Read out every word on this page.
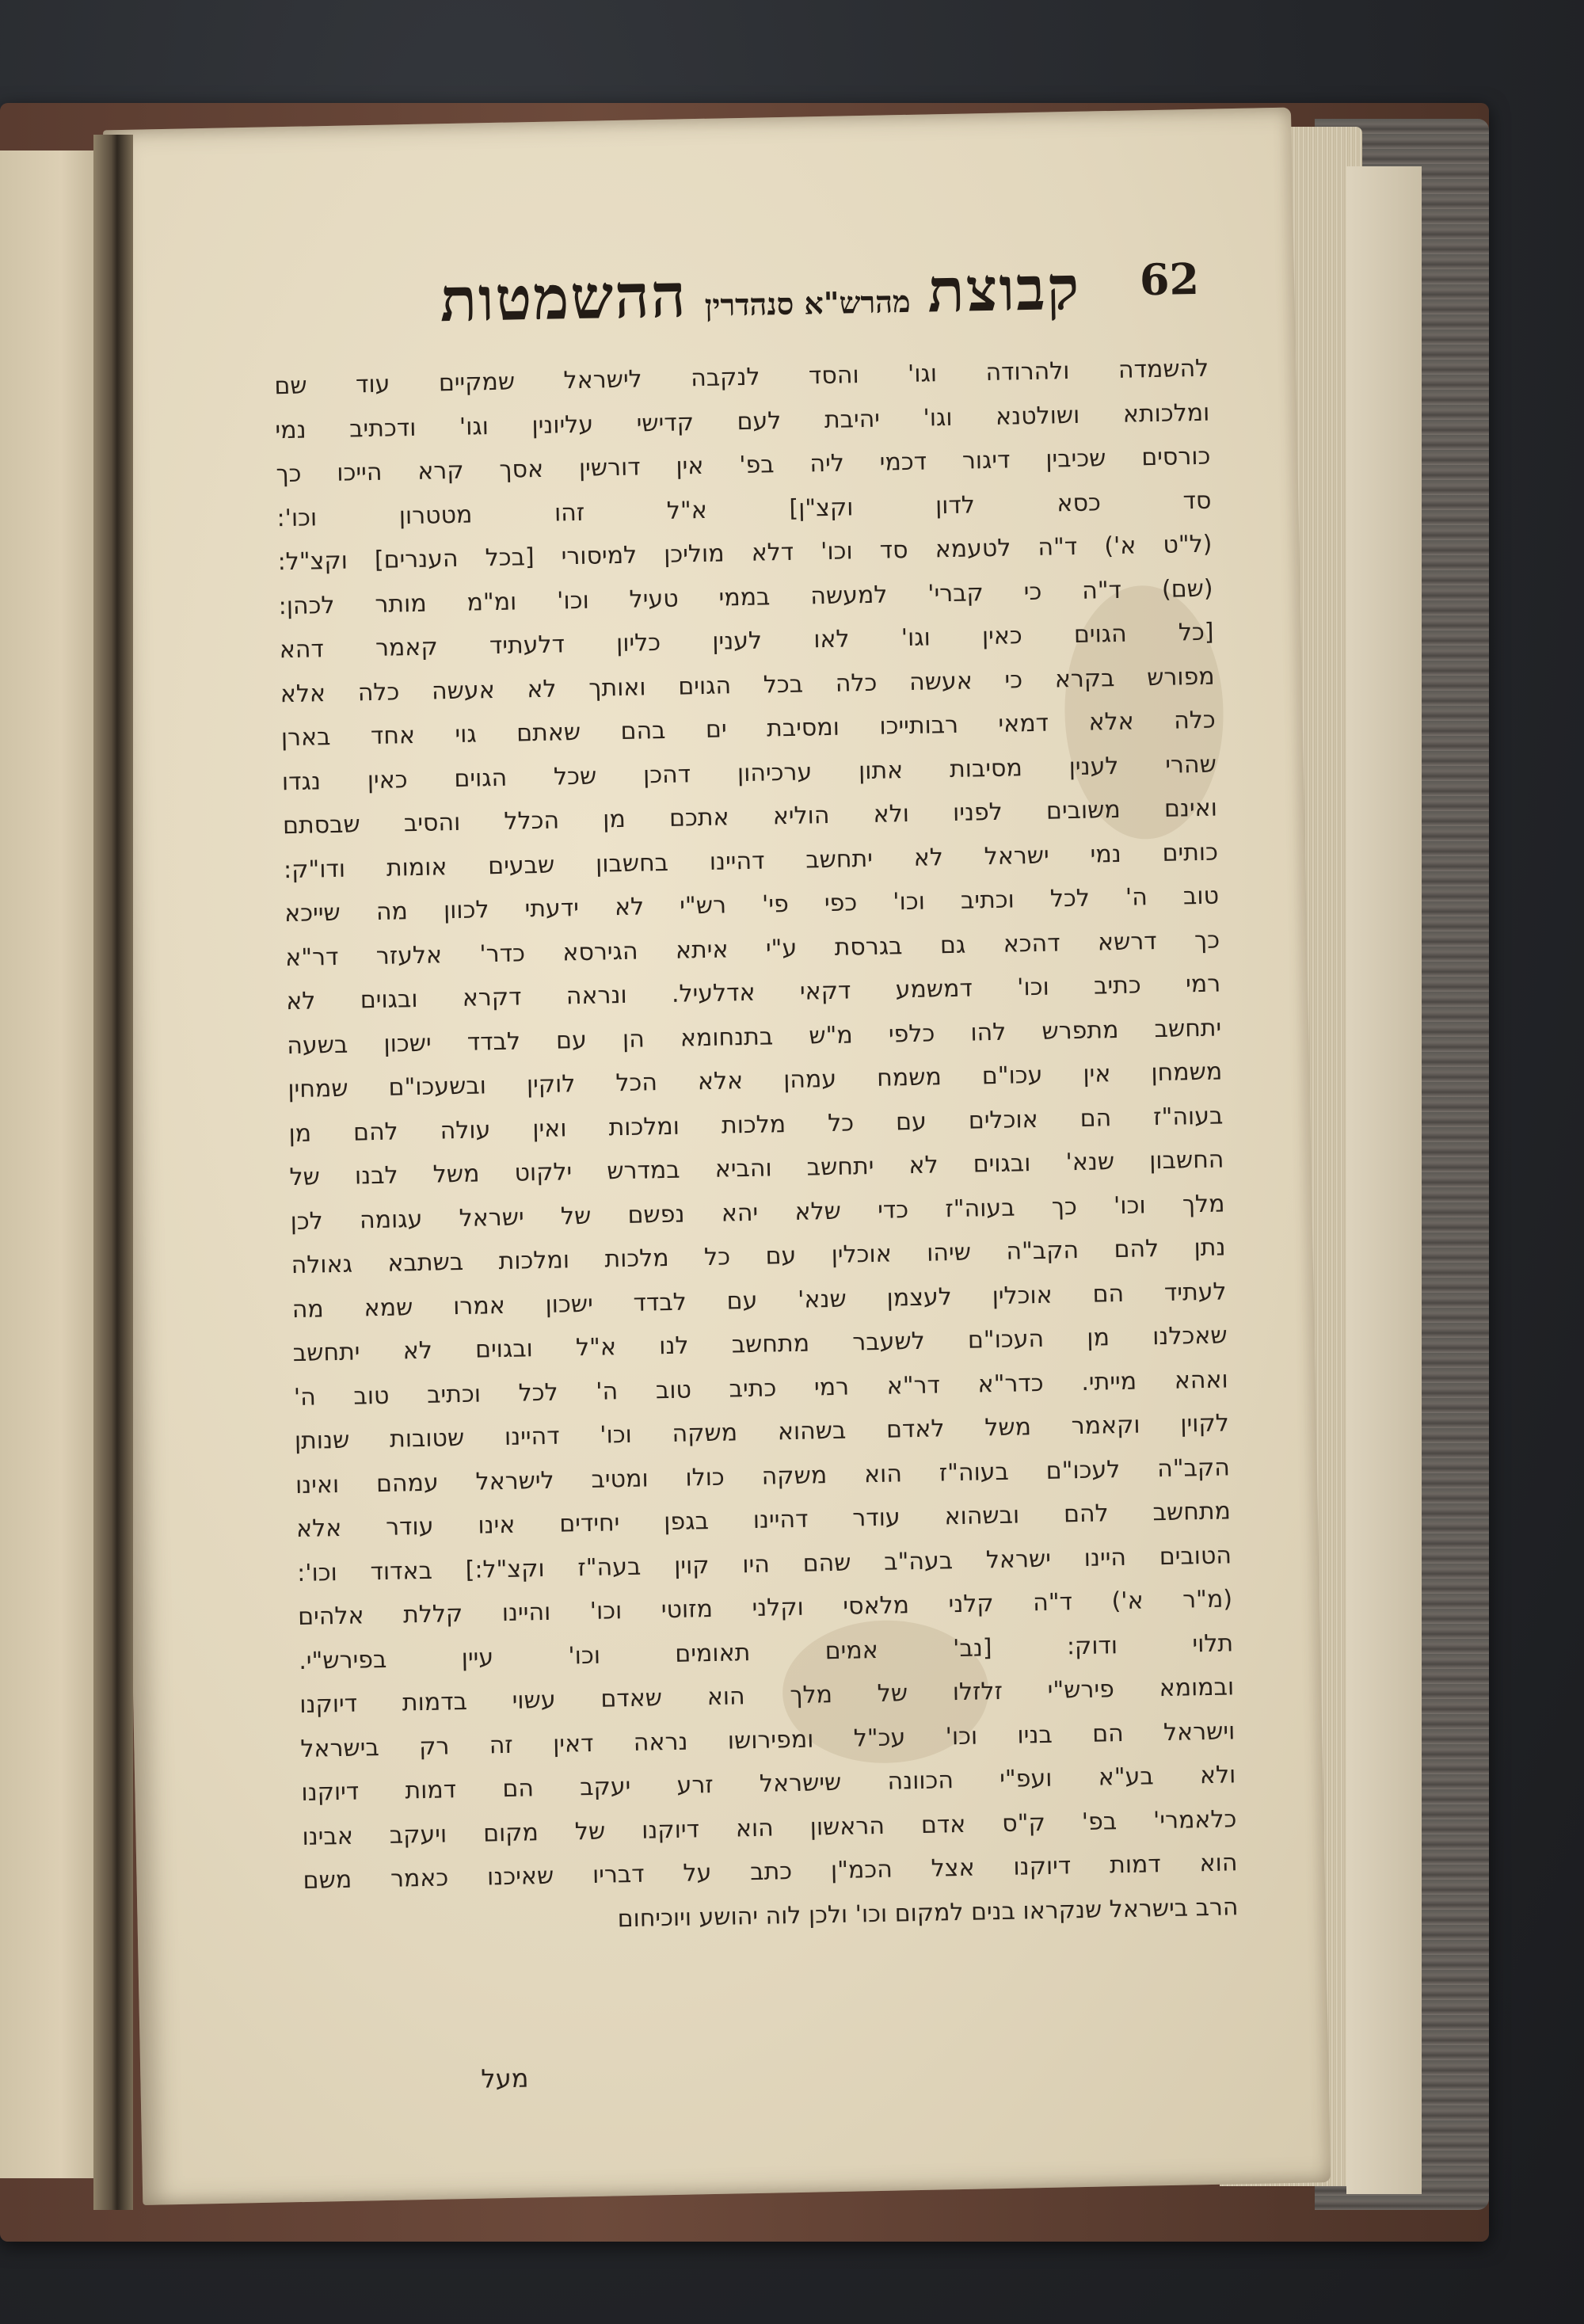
62
קבוצת
מהרש"א סנהדרין
ההשמטות
להשמדה ולהרודה וגו' והסד לנקבה לישראל שמקיים עוד שם
ומלכותא ושולטנא וגו' יהיבת לעם קדישי עליונין וגו' ודכתיב נמי
כורסים שכיבין דיגור דכמי ליה בפ' אין דורשין אסך קרא הייכו כך
סד כסא לדון וקצ"ן] א"ל זהו מטטרון וכו':
(ל"ט א') ד"ה לטעמא סד וכו' דלא מוליכן למיסורי [בכל הענרים] וקצ"ל:
(שם) ד"ה כי קברי' למעשה בממי טעיל וכו' ומ"מ מותר לכהן:
[כל הגוים כאין וגו' לאו לענין כליון דלעתיד קאמר דהא
מפורש בקרא כי אעשה כלה בכל הגוים ואותך לא אעשה כלה אלא
כלה אלא דמאי רבותייכו ומסיבת ים בהם שאתם גוי אחד בארן
שהרי לענין מסיבות אתון ערכיהון דהכן שכל הגוים כאין נגדו
ואינם משובים לפניו ולא הוליא אתכם מן הכלל והסיב שבסתם
כותים נמי ישראל לא יתחשב דהיינו בחשבון שבעים אומות ודו"ק:
טוב ה' לכל וכתיב וכו' כפי פי' רש"י לא ידעתי לכוון מה שייכא
כך דרשא דהכא גם בגרסת ע"י איתא הגירסא כדר' אלעזר דר"א
רמי כתיב וכו' דמשמע דקאי אדלעיל. ונראה דקרא ובגוים לא
יתחשב מתפרש להו כלפי מ"ש בתנחומא הן עם לבדד ישכון בשעה
משמחן אין עכו"ם משמח עמהן אלא הכל לוקין ובשעכו"ם שמחין
בעוה"ז הם אוכלים עם כל מלכות ומלכות ואין עולה להם מן
החשבון שנא' ובגוים לא יתחשב והביא במדרש ילקוט משל לבנו של
מלך וכו' כך בעוה"ז כדי שלא יהא נפשם של ישראל עגומה לכן
נתן להם הקב"ה שיהו אוכלין עם כל מלכות ומלכות בשתבא גאולה
לעתיד הם אוכלין לעצמן שנא' עם לבדד ישכון אמרו שמא מה
שאכלנו מן העכו"ם לשעבר מתחשב לנו א"ל ובגוים לא יתחשב
ואהא מייתי. כדר"א דר"א רמי כתיב טוב ה' לכל וכתיב טוב ה'
לקוין וקאמר משל לאדם בשהוא משקה וכו' דהיינו שטובות שנותן
הקב"ה לעכו"ם בעוה"ז הוא משקה כולו ומטיב לישראל עמהם ואינו
מתחשב להם ובשהוא עודר דהיינו בגפן יחידים אינו עודר אלא
הטובים היינו ישראל בעה"ב שהם היו קוין בעה"ז וקצ"ל:] באדוד וכו':
(מ"ר א') ד"ה קלני מלאסי וקלני מזוטי וכו' והיינו קללת אלהים
תלוי ודוק: [נב' אמים תאומים וכו' עיין בפירש"י.
ובמומא פירש"י זלזלו של מלך הוא שאדם עשוי בדמות דיוקנו
וישראל הם בניו וכו' עכ"ל ומפירושו נראה דאין זה רק בישראל
ולא בע"א ועפ"י הכוונה שישראל זרע יעקב הם דמות דיוקנו
כלאמרי' בפ' ק"ס אדם הראשון הוא דיוקנו של מקום ויעקב אבינו
הוא דמות דיוקנו אצל הכמ"ן כתב על דבריו שאיכנו כאמר משם
הרב בישראל שנקראו בנים למקום וכו' ולכן לוה יהושע ויוכיחום
מעל
